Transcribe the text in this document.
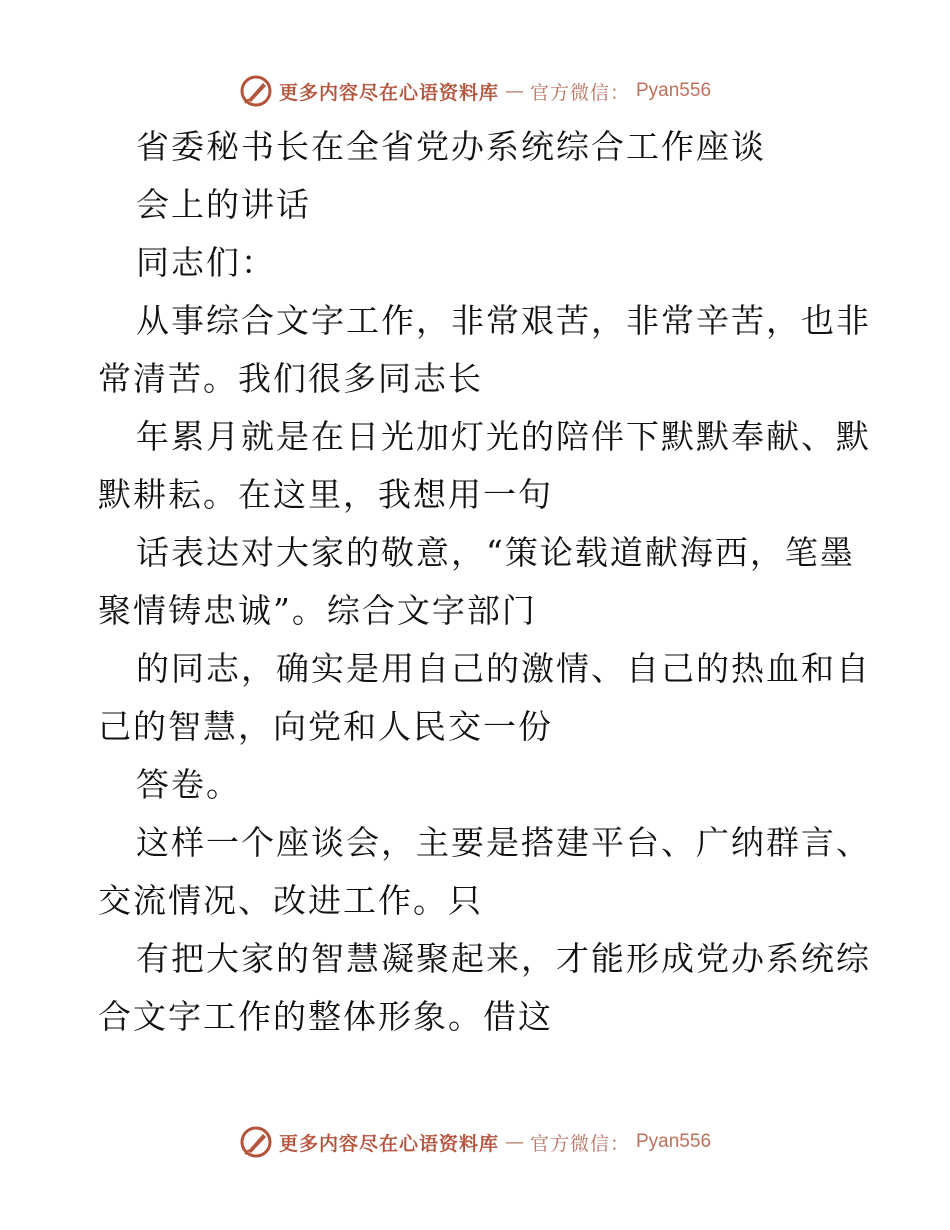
更多内容尽在心语资料库 — 官方微信： Pyan556
省委秘书长在全省党办系统综合工作座谈
会上的讲话
同志们：
从事综合文字工作，非常艰苦，非常辛苦，也非
常清苦。我们很多同志长
年累月就是在日光加灯光的陪伴下默默奉献、默
默耕耘。在这里，我想用一句
话表达对大家的敬意，“策论载道献海西，笔墨
聚情铸忠诚”。综合文字部门
的同志，确实是用自己的激情、自己的热血和自
己的智慧，向党和人民交一份
答卷。
这样一个座谈会，主要是搭建平台、广纳群言、
交流情况、改进工作。只
有把大家的智慧凝聚起来，才能形成党办系统综
合文字工作的整体形象。借这
更多内容尽在心语资料库 — 官方微信： Pyan556
